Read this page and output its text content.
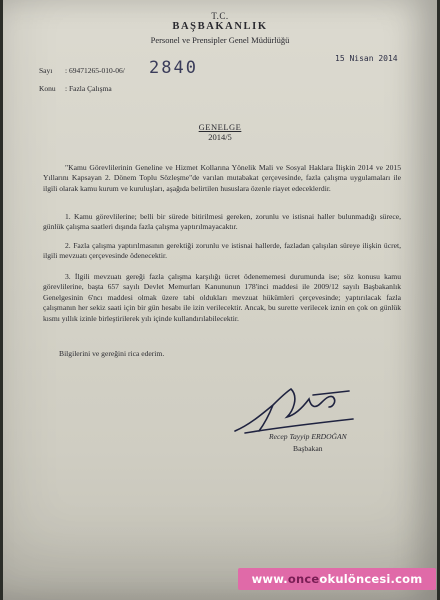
T.C.
BAŞBAKANLIK
Personel ve Prensipler Genel Müdürlüğü
Sayı : 69471265-010-06/ 2840	15 Nisan 2014
Konu : Fazla Çalışma
GENELGE
2014/5

"Kamu Görevlilerinin Geneline ve Hizmet Kollarına Yönelik Mali ve Sosyal Haklara İlişkin 2014 ve 2015 Yıllarını Kapsayan 2. Dönem Toplu Sözleşme"de varılan mutabakat çerçevesinde, fazla çalışma uygulamaları ile ilgili olarak kamu kurum ve kuruluşları, aşağıda belirtilen hususlara özenle riayet edeceklerdir.

1. Kamu görevlilerine; belli bir sürede bitirilmesi gereken, zorunlu ve istisnai haller bulunmadığı sürece, günlük çalışma saatleri dışında fazla çalışma yaptırılmayacaktır.

2. Fazla çalışma yaptırılmasının gerektiği zorunlu ve istisnai hallerde, fazladan çalışılan süreye ilişkin ücret, ilgili mevzuatı çerçevesinde ödenecektir.

3. İlgili mevzuatı gereği fazla çalışma karşılığı ücret ödenememesi durumunda ise; söz konusu kamu görevlilerine, başta 657 sayılı Devlet Memurları Kanununun 178'inci maddesi ile 2009/12 sayılı Başbakanlık Genelgesinin 6'ncı maddesi olmak üzere tabi oldukları mevzuat hükümleri çerçevesinde; yaptırılacak fazla çalışmanın her sekiz saati için bir gün hesabı ile izin verilecektir. Ancak, bu surette verilecek iznin en çok on günlük kısmı yıllık izinle birleştirilerek yılı içinde kullandırılabilecektir.

Bilgilerini ve gereğini rica ederim.
Recep Tayyip ERDOĞAN
Başbakan
www. once okulöncesi.com
